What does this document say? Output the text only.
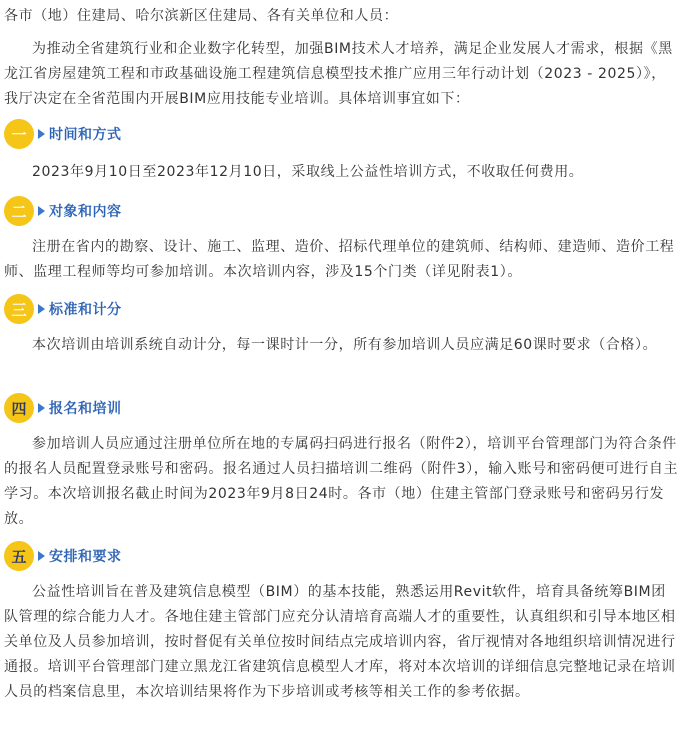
各市（地）住建局、哈尔滨新区住建局、各有关单位和人员：
为推动全省建筑行业和企业数字化转型，加强BIM技术人才培养，满足企业发展人才需求，根据《黑龙江省房屋建筑工程和市政基础设施工程建筑信息模型技术推广应用三年行动计划（2023 - 2025）》，我厅决定在全省范围内开展BIM应用技能专业培训。具体培训事宜如下：
一	时间和方式
2023年9月10日至2023年12月10日，采取线上公益性培训方式，不收取任何费用。
二	对象和内容
注册在省内的勘察、设计、施工、监理、造价、招标代理单位的建筑师、结构师、建造师、造价工程师、监理工程师等均可参加培训。本次培训内容，涉及15个门类（详见附表1）。
三	标准和计分
本次培训由培训系统自动计分，每一课时计一分，所有参加培训人员应满足60课时要求（合格）。
四	报名和培训
参加培训人员应通过注册单位所在地的专属码扫码进行报名（附件2），培训平台管理部门为符合条件的报名人员配置登录账号和密码。报名通过人员扫描培训二维码（附件3），输入账号和密码便可进行自主学习。本次培训报名截止时间为2023年9月8日24时。各市（地）住建主管部门登录账号和密码另行发放。
五	安排和要求
公益性培训旨在普及建筑信息模型（BIM）的基本技能，熟悉运用Revit软件，培育具备统筹BIM团队管理的综合能力人才。各地住建主管部门应充分认清培育高端人才的重要性，认真组织和引导本地区相关单位及人员参加培训，按时督促有关单位按时间结点完成培训内容，省厅视情对各地组织培训情况进行通报。培训平台管理部门建立黑龙江省建筑信息模型人才库，将对本次培训的详细信息完整地记录在培训人员的档案信息里，本次培训结果将作为下步培训或考核等相关工作的参考依据。
